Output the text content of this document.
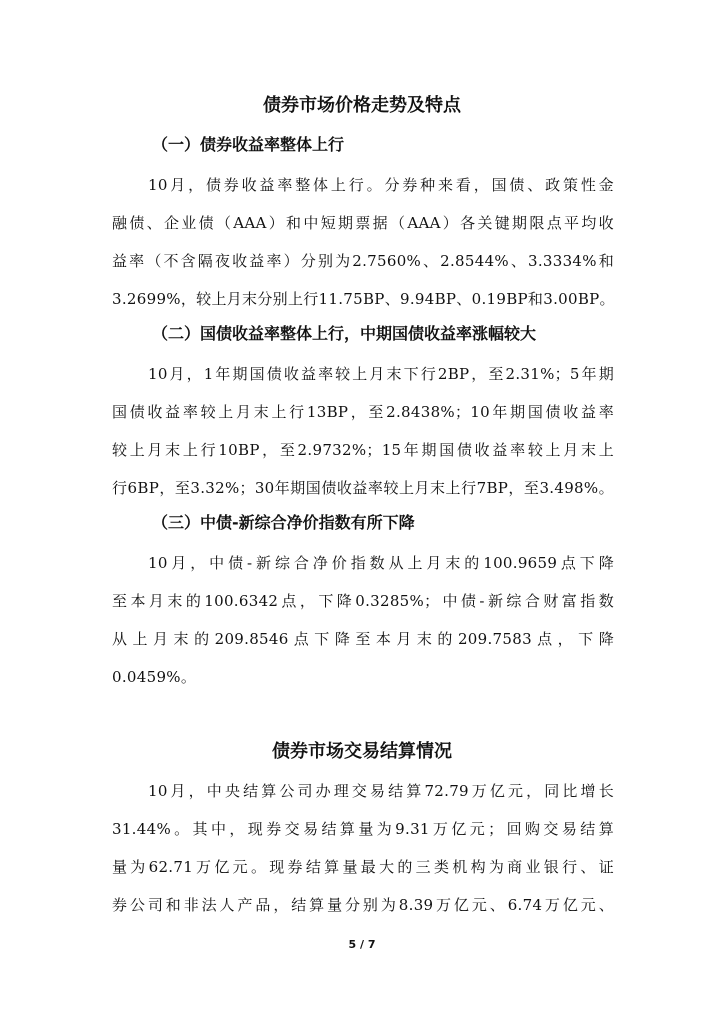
债券市场价格走势及特点
（一）债券收益率整体上行
10月，债券收益率整体上行。分券种来看，国债、政策性金
融债、企业债（AAA）和中短期票据（AAA）各关键期限点平均收
益率（不含隔夜收益率）分别为2.7560%、2.8544%、3.3334%和
3.2699%，较上月末分别上行11.75BP、9.94BP、0.19BP和3.00BP。
（二）国债收益率整体上行，中期国债收益率涨幅较大
10月，1年期国债收益率较上月末下行2BP，至2.31%；5年期
国债收益率较上月末上行13BP，至2.8438%；10年期国债收益率
较上月末上行10BP，至2.9732%；15年期国债收益率较上月末上
行6BP，至3.32%；30年期国债收益率较上月末上行7BP，至3.498%。
（三）中债-新综合净价指数有所下降
10月，中债-新综合净价指数从上月末的100.9659点下降
至本月末的100.6342点，下降0.3285%；中债-新综合财富指数
从上月末的209.8546点下降至本月末的209.7583点，下降
0.0459%。
债券市场交易结算情况
10月，中央结算公司办理交易结算72.79万亿元，同比增长
31.44%。其中，现券交易结算量为9.31万亿元；回购交易结算
量为62.71万亿元。现券结算量最大的三类机构为商业银行、证
券公司和非法人产品，结算量分别为8.39万亿元、6.74万亿元、
5 / 7
